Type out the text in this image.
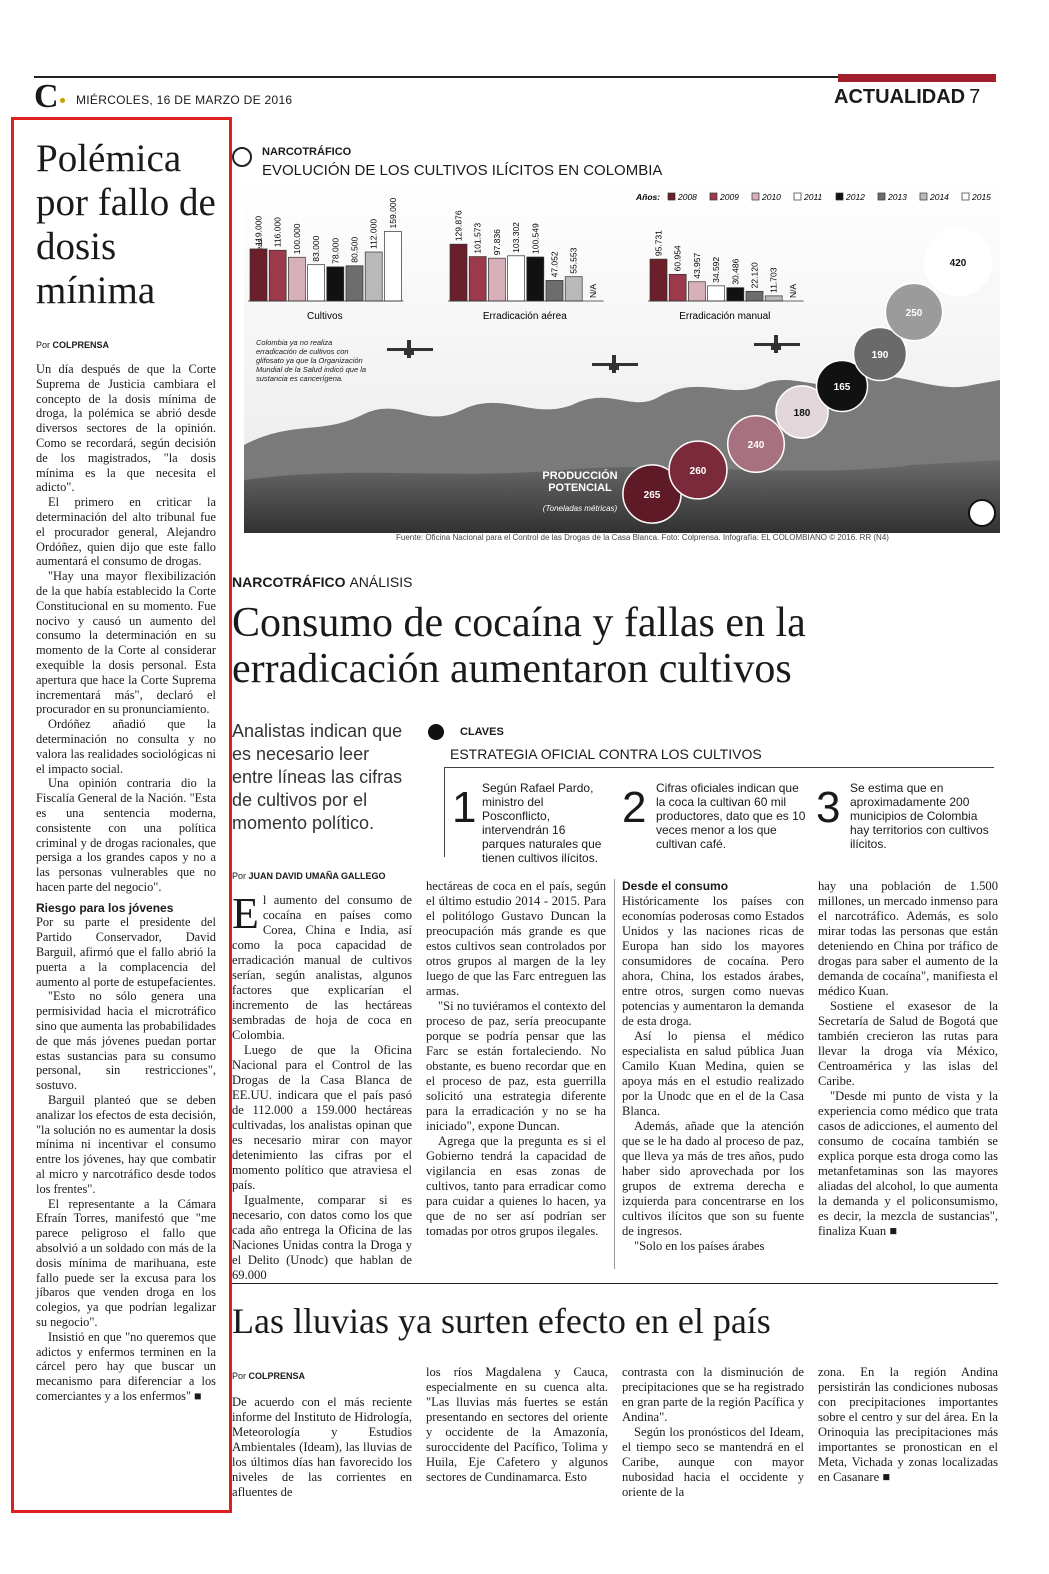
C MIÉRCOLES, 16 DE MARZO DE 2016	ACTUALIDAD 7
Polémica por fallo de dosis mínima
Por COLPRENSA

Un día después de que la Corte Suprema de Justicia cambiara el concepto de la dosis mínima de droga, la polémica se abrió desde diversos sectores de la opinión. Como se recordará, según decisión de los magistrados, "la dosis mínima es la que necesita el adicto".

El primero en criticar la determinación del alto tribunal fue el procurador general, Alejandro Ordóñez, quien dijo que este fallo aumentará el consumo de drogas.

"Hay una mayor flexibilización de la que había establecido la Corte Constitucional en su momento. Fue nocivo y causó un aumento del consumo la determinación en su momento de la Corte al considerar exequible la dosis personal. Esta apertura que hace la Corte Suprema incrementará más", declaró el procurador en su pronunciamiento.

Ordóñez añadió que la determinación no consulta y no valora las realidades sociológicas ni el impacto social.

Una opinión contraria dio la Fiscalía General de la Nación. "Esta es una sentencia moderna, consistente con una política criminal y de drogas racionales, que persiga a los grandes capos y no a las personas vulnerables que no hacen parte del negocio".

Riesgo para los jóvenes

Por su parte el presidente del Partido Conservador, David Barguil, afirmó que el fallo abrió la puerta a la complacencia del aumento al porte de estupefacientes.

"Esto no sólo genera una permisividad hacia el microtráfico sino que aumenta las probabilidades de que más jóvenes puedan portar estas sustancias para su consumo personal, sin restricciones", sostuvo.

Barguil planteó que se deben analizar los efectos de esta decisión, "la solución no es aumentar la dosis mínima ni incentivar el consumo entre los jóvenes, hay que combatir al micro y narcotráfico desde todos los frentes".

El representante a la Cámara Efraín Torres, manifestó que "me parece peligroso el fallo que absolvió a un soldado con más de la dosis mínima de marihuana, este fallo puede ser la excusa para los jíbaros que venden droga en los colegios, ya que podrían legalizar su negocio".

Insistió en que "no queremos que adictos y enfermos terminen en la cárcel pero hay que buscar un mecanismo para diferenciar a los comerciantes y a los enfermos" ■

NARCOTRÁFICO
EVOLUCIÓN DE LOS CULTIVOS ILÍCITOS EN COLOMBIA
119.000 116.000 100.000 83.000 78.000 80.500
112.000
159.000
Cultivos
129.876 101.573 97.836 103.302 100.549
47.052 55.553
N/A
Erradicación aérea
95.731
60.954 43.957 34.592 30.486 22.120 11.703 N/A
Erradicación manual
Años: 2008	2009	2010	2011	2012	2013	2014	2015
265
260
240
180
165
190
250
420
Colombia ya no realiza erradicación de cultivos con glifosato ya que la Organización Mundial de la Salud indicó que la sustancia es cancerígena.
PRODUCCIÓN POTENCIAL
(Toneladas métricas)
Fuente: Oficina Nacional para el Control de las Drogas de la Casa Blanca. Foto: Colprensa. Infografía: EL COLOMBIANO © 2016. RR (N4)
NARCOTRÁFICO ANÁLISIS
Consumo de cocaína y fallas en la erradicación aumentaron cultivos
Analistas indican que es necesario leer entre líneas las cifras de cultivos por el momento político.
CLAVES
ESTRATEGIA OFICIAL CONTRA LOS CULTIVOS
1 Según Rafael Pardo, ministro del Posconflicto, intervendrán 16 parques naturales que tienen cultivos ilícitos.
2 Cifras oficiales indican que la coca la cultivan 60 mil productores, dato que es 10 veces menor a los que cultivan café.
3 Se estima que en aproximadamente 200 municipios de Colombia hay territorios con cultivos ilícitos.
Por JUAN DAVID UMAÑA GALLEGO

El aumento del consumo de cocaína en países como Corea, China e India, así como la poca capacidad de erradicación manual de cultivos serían, según analistas, algunos factores que explicarían el incremento de las hectáreas sembradas de hoja de coca en Colombia.

Luego de que la Oficina Nacional para el Control de las Drogas de la Casa Blanca de EE.UU. indicara que el país pasó de 112.000 a 159.000 hectáreas cultivadas, los analistas opinan que es necesario mirar con mayor detenimiento las cifras por el momento político que atraviesa el país.

Igualmente, comparar si es necesario, con datos como los que cada año entrega la Oficina de las Naciones Unidas contra la Droga y el Delito (Unodc) que hablan de 69.000

hectáreas de coca en el país, según el último estudio 2014 - 2015. Para el politólogo Gustavo Duncan la preocupación más grande es que estos cultivos sean controlados por otros grupos al margen de la ley luego de que las Farc entreguen las armas.

"Si no tuviéramos el contexto del proceso de paz, sería preocupante porque se podría pensar que las Farc se están fortaleciendo. No obstante, es bueno recordar que en el proceso de paz, esta guerrilla solicitó una estrategia diferente para la erradicación y no se ha iniciado", expone Duncan.

Agrega que la pregunta es si el Gobierno tendrá la capacidad de vigilancia en esas zonas de cultivos, tanto para erradicar como para cuidar a quienes lo hacen, ya que de no ser así podrían ser tomadas por otros grupos ilegales.

Desde el consumo

Históricamente los países con economías poderosas como Estados Unidos y las naciones ricas de Europa han sido los mayores consumidores de cocaína. Pero ahora, China, los estados árabes, entre otros, surgen como nuevas potencias y aumentaron la demanda de esta droga.

Así lo piensa el médico especialista en salud pública Juan Camilo Kuan Medina, quien se apoya más en el estudio realizado por la Unodc que en el de la Casa Blanca.

Además, añade que la atención que se le ha dado al proceso de paz, que lleva ya más de tres años, pudo haber sido aprovechada por los grupos de extrema derecha e izquierda para concentrarse en los cultivos ilícitos que son su fuente de ingresos.

"Solo en los países árabes

hay una población de 1.500 millones, un mercado inmenso para el narcotráfico. Además, es solo mirar todas las personas que están deteniendo en China por tráfico de drogas para saber el aumento de la demanda de cocaína", manifiesta el médico Kuan.

Sostiene el exasesor de la Secretaría de Salud de Bogotá que también crecieron las rutas para llevar la droga vía México, Centroamérica y las islas del Caribe.

"Desde mi punto de vista y la experiencia como médico que trata casos de adicciones, el aumento del consumo de cocaína también se explica porque esta droga como las metanfetaminas son las mayores aliadas del alcohol, lo que aumenta la demanda y el policonsumismo, es decir, la mezcla de sustancias", finaliza Kuan ■

Las lluvias ya surten efecto en el país
Por COLPRENSA

De acuerdo con el más reciente informe del Instituto de Hidrología, Meteorología y Estudios Ambientales (Ideam), las lluvias de los últimos días han favorecido los niveles de las corrientes en afluentes de

los ríos Magdalena y Cauca, especialmente en su cuenca alta. "Las lluvias más fuertes se están presentando en sectores del oriente y occidente de la Amazonía, suroccidente del Pacífico, Tolima y Huila, Eje Cafetero y algunos sectores de Cundinamarca. Esto

contrasta con la disminución de precipitaciones que se ha registrado en gran parte de la región Pacífica y Andina".

Según los pronósticos del Ideam, el tiempo seco se mantendrá en el Caribe, aunque con mayor nubosidad hacia el occidente y oriente de la

zona. En la región Andina persistirán las condiciones nubosas con precipitaciones importantes sobre el centro y sur del área. En la Orinoquia las precipitaciones más importantes se pronostican en el Meta, Vichada y zonas localizadas en Casanare ■
